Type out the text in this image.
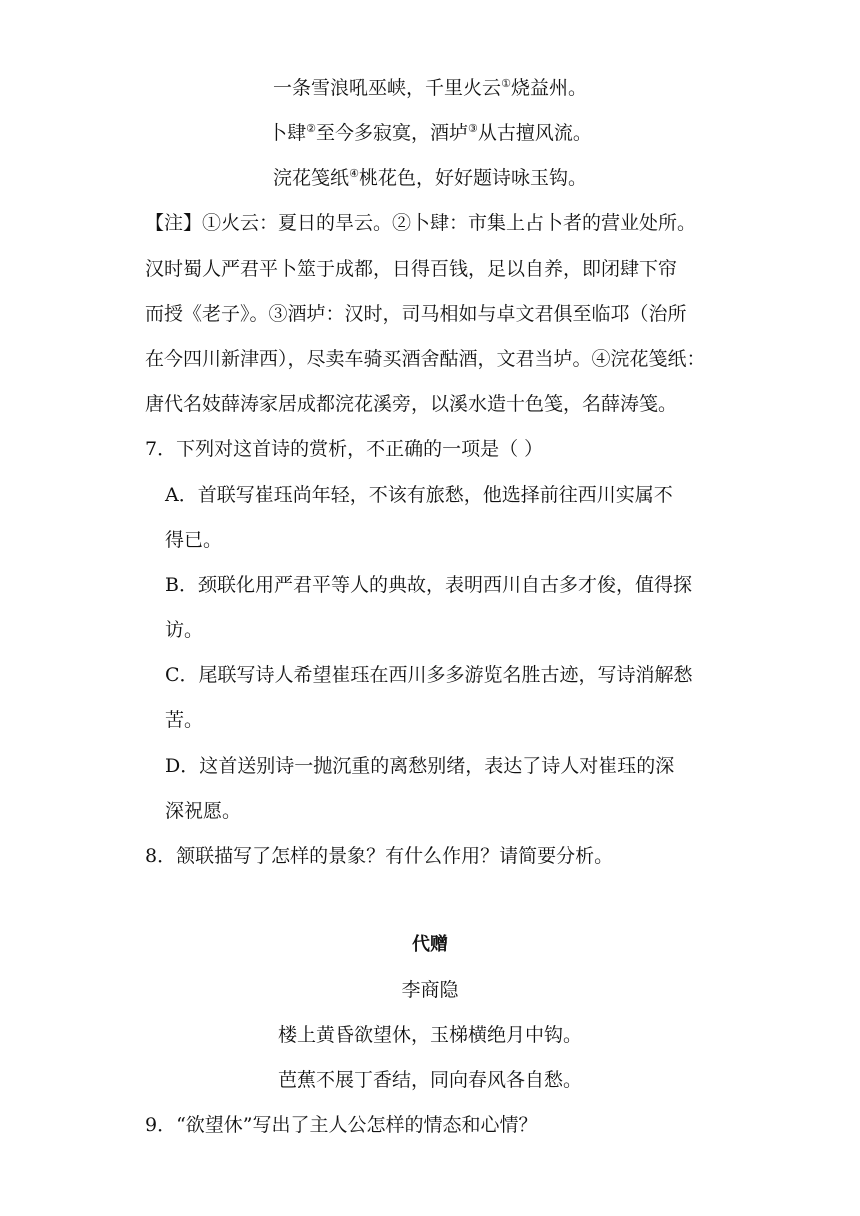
一条雪浪吼巫峡，千里火云①烧益州。
卜肆②至今多寂寞，酒垆③从古擅风流。
浣花笺纸④桃花色，好好题诗咏玉钩。
【注】①火云：夏日的旱云。②卜肆：市集上占卜者的营业处所。
汉时蜀人严君平卜筮于成都，日得百钱，足以自养，即闭肆下帘
而授《老子》。③酒垆：汉时，司马相如与卓文君俱至临邛（治所
在今四川新津西），尽卖车骑买酒舍酤酒，文君当垆。④浣花笺纸：
唐代名妓薛涛家居成都浣花溪旁，以溪水造十色笺，名薛涛笺。
7．下列对这首诗的赏析，不正确的一项是（ ）
A．首联写崔珏尚年轻，不该有旅愁，他选择前往西川实属不
得已。
B．颈联化用严君平等人的典故，表明西川自古多才俊，值得探
访。
C．尾联写诗人希望崔珏在西川多多游览名胜古迹，写诗消解愁
苦。
D．这首送别诗一抛沉重的离愁别绪，表达了诗人对崔珏的深
深祝愿。
8．颔联描写了怎样的景象？有什么作用？请简要分析。
代赠
李商隐
楼上黄昏欲望休，玉梯横绝月中钩。
芭蕉不展丁香结，同向春风各自愁。
9．“欲望休”写出了主人公怎样的情态和心情？
